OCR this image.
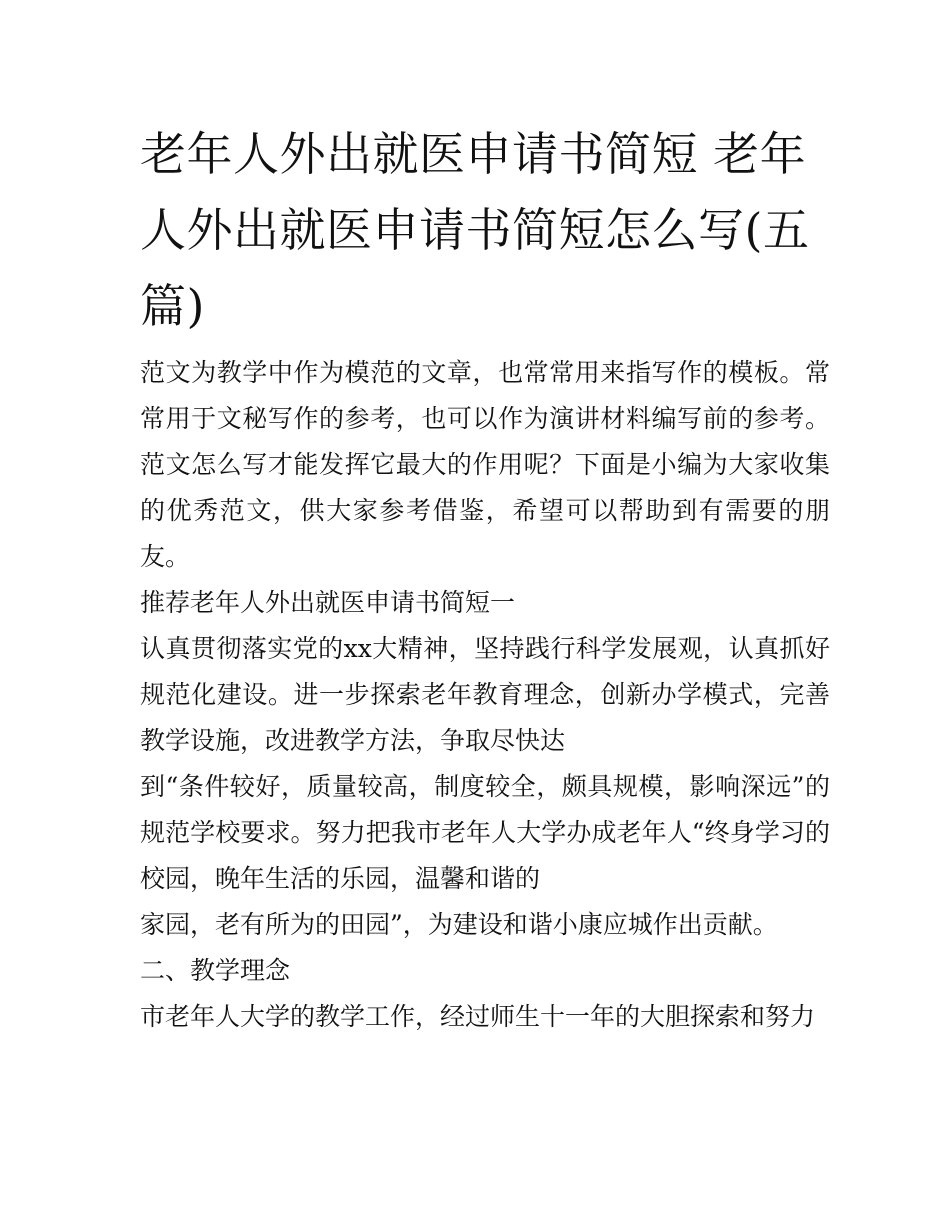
老年人外出就医申请书简短 老年人外出就医申请书简短怎么写(五篇)

范文为教学中作为模范的文章，也常常用来指写作的模板。常常用于文秘写作的参考，也可以作为演讲材料编写前的参考。范文怎么写才能发挥它最大的作用呢？下面是小编为大家收集的优秀范文，供大家参考借鉴，希望可以帮助到有需要的朋友。

推荐老年人外出就医申请书简短一

认真贯彻落实党的xx大精神，坚持践行科学发展观，认真抓好规范化建设。进一步探索老年教育理念，创新办学模式，完善教学设施，改进教学方法，争取尽快达

到“条件较好，质量较高，制度较全，颇具规模，影响深远”的规范学校要求。努力把我市老年人大学办成老年人“终身学习的校园，晚年生活的乐园，温馨和谐的

家园，老有所为的田园”，为建设和谐小康应城作出贡献。

二、教学理念

市老年人大学的教学工作，经过师生十一年的大胆探索和努力
